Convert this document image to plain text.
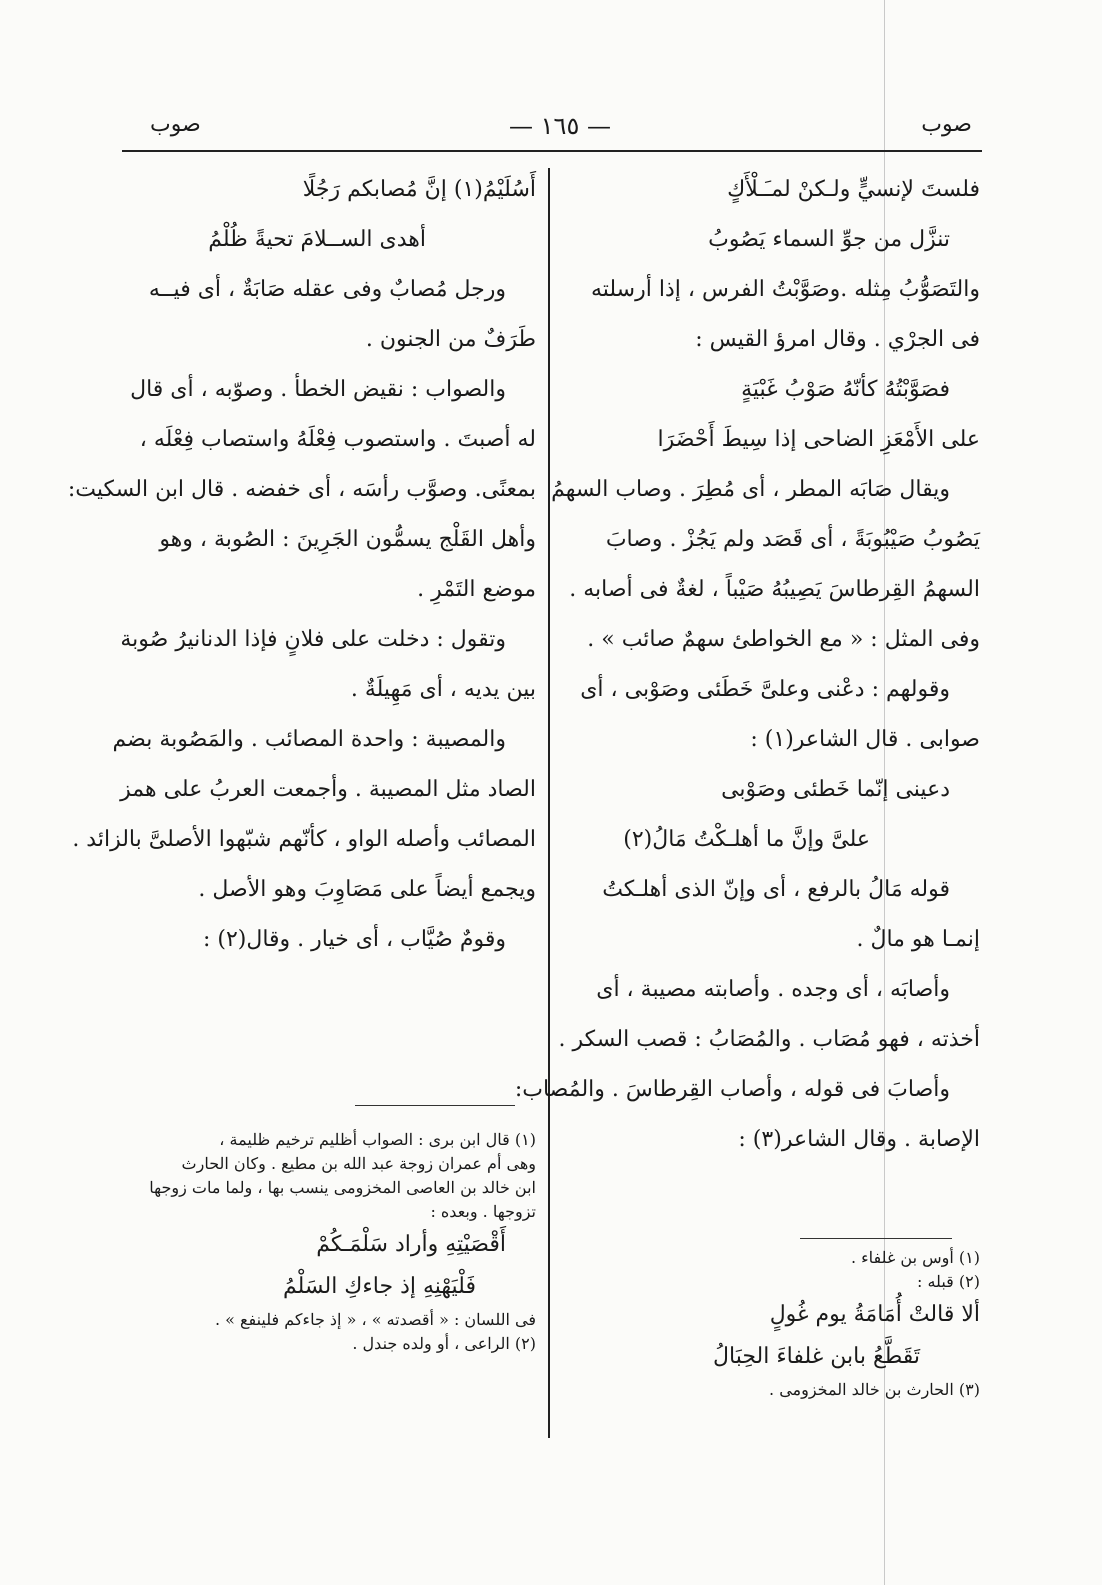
صوب
— ١٦٥ —
صوب

فلستَ لإنسيٍّ ولـكنْ لمـَـلْأَكٍ

تنزَّل من جوِّ السماء يَصُوبُ

والتَصَوُّبُ مِثله .وصَوَّبْتُ الفرس ، إذا أرسلته

فى الجرْي . وقال امرؤ القيس :

فصَوَّبْتُهُ كأنّهُ صَوْبُ غَبْيَةٍ

على الأَمْعَزِ الضاحى إذا سِيطَ أَحْضَرَا

ويقال صَابَه المطر ، أى مُطِرَ . وصاب السهمُ

يَصُوبُ صَيْبُوبَةً ، أى قَصَد ولم يَجُزْ . وصابَ

السهمُ القِرطاسَ يَصِيبُهُ صَيْباً ، لغةٌ فى أصابه .

وفى المثل : « مع الخواطئ سهمٌ صائب » .

وقولهم : دعْنى وعلىَّ خَطَئى وصَوْبى ، أى

صوابى . قال الشاعر(١) :

دعينى إنّما خَطئى وصَوْبى

علىَّ وإنَّ ما أهلـكْتُ مَالُ(٢)

قوله مَالُ بالرفع ، أى وإنّ الذى أهلـكتُ

إنمـا هو مالٌ .

وأصابَه ، أى وجده . وأصابته مصيبة ، أى

أخذته ، فهو مُصَاب . والمُصَابُ : قصب السكر .

وأصابَ فى قوله ، وأصاب القِرطاسَ . والمُصاب:

الإصابة . وقال الشاعر(٣) :

(١) أوس بن غلفاء .

(٢) قبله :

ألا قالتْ أُمَامَةُ يوم غُولٍ

تَقَطَّعُ بابن غلفاءَ الحِبَالُ

(٣) الحارث بن خالد المخزومى .

أَسُلَيْمُ(١) إنَّ مُصابكم رَجُلًا

أهدى الســلامَ تحيةً ظُلْمُ

ورجل مُصابٌ وفى عقله صَابَةٌ ، أى فيــه

طَرَفٌ من الجنون .

والصواب : نقيض الخطأ . وصوّبه ، أى قال

له أصبتَ . واستصوب فِعْلَهُ واستصاب فِعْلَه ،

بمعنًى. وصوَّب رأسَه ، أى خفضه . قال ابن السكيت:

وأهل القَلْج يسمُّون الجَرِينَ : الصُوبة ، وهو

موضع التَمْرِ .

وتقول : دخلت على فلانٍ فإذا الدنانيرُ صُوبة

بين يديه ، أى مَهِيلَةٌ .

والمصيبة : واحدة المصائب . والمَصُوبة بضم

الصاد مثل المصيبة . وأجمعت العربُ على همز

المصائب وأصله الواو ، كأنّهم شبّهوا الأصلىَّ بالزائد .

ويجمع أيضاً على مَصَاوِبَ وهو الأصل .

وقومٌ صُيَّاب ، أى خيار . وقال(٢) :

(١) قال ابن برى : الصواب أظليم ترخيم ظليمة ،

وهى أم عمران زوجة عبد الله بن مطيع . وكان الحارث

ابن خالد بن العاصى المخزومى ينسب بها ، ولما مات زوجها

تزوجها . وبعده :

أَقْصَيْتِهِ وأراد سَلْمَـكُمْ

فَلْيَهْنِهِ إذ جاءكِ السَلْمُ

فى اللسان : « أقصدته » ، « إذ جاءكم فلينفع » .

(٢) الراعى ، أو ولده جندل .
